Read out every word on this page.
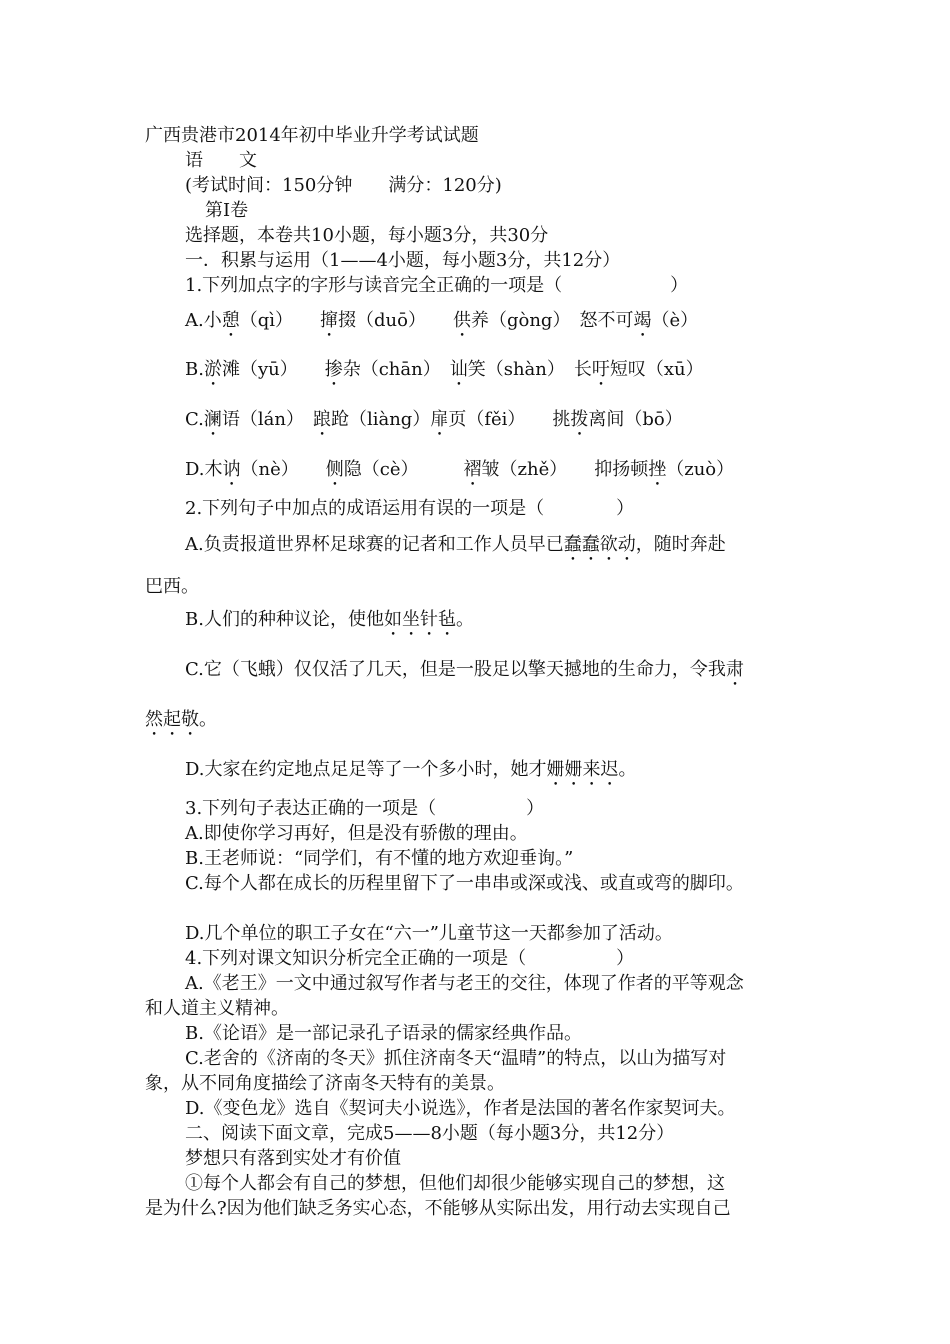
广西贵港市2014年初中毕业升学考试试题
语　　文
(考试时间：150分钟　　满分：120分)
第Ⅰ卷
选择题，本卷共10小题，每小题3分，共30分
一．积累与运用（1——4小题，每小题3分，共12分）
1.下列加点字的字形与读音完全正确的一项是（　　　　　　）
A.小憩（qì）　　撺掇（duō）　　供养（gòng）　怒不可竭（è）
B.淤滩（yū）　　掺杂（chān）　讪笑（shàn）　长吁短叹（xū）
C.澜语（lán）　踉跄（liàng）扉页（fěi）　　挑拨离间（bō）
D.木讷（nè）　　侧隐（cè）　　　褶皱（zhě）　　抑扬顿挫（zuò）
2.下列句子中加点的成语运用有误的一项是（　　　　）
A.负责报道世界杯足球赛的记者和工作人员早已蠢蠢欲动，随时奔赴
巴西。
B.人们的种种议论，使他如坐针毡。
C.它（飞蛾）仅仅活了几天，但是一股足以擎天撼地的生命力，令我肃
然起敬。
D.大家在约定地点足足等了一个多小时，她才姗姗来迟。
3.下列句子表达正确的一项是（　　　　　）
A.即使你学习再好，但是没有骄傲的理由。
B.王老师说：“同学们，有不懂的地方欢迎垂询。”
C.每个人都在成长的历程里留下了一串串或深或浅、或直或弯的脚印。
D.几个单位的职工子女在“六一”儿童节这一天都参加了活动。
4.下列对课文知识分析完全正确的一项是（　　　　　）
A.《老王》一文中通过叙写作者与老王的交往，体现了作者的平等观念
和人道主义精神。
B.《论语》是一部记录孔子语录的儒家经典作品。
C.老舍的《济南的冬天》抓住济南冬天“温晴”的特点，以山为描写对
象，从不同角度描绘了济南冬天特有的美景。
D.《变色龙》选自《契诃夫小说选》，作者是法国的著名作家契诃夫。
二、阅读下面文章，完成5——8小题（每小题3分，共12分）
梦想只有落到实处才有价值
①每个人都会有自己的梦想，但他们却很少能够实现自己的梦想，这
是为什么?因为他们缺乏务实心态，不能够从实际出发，用行动去实现自己
